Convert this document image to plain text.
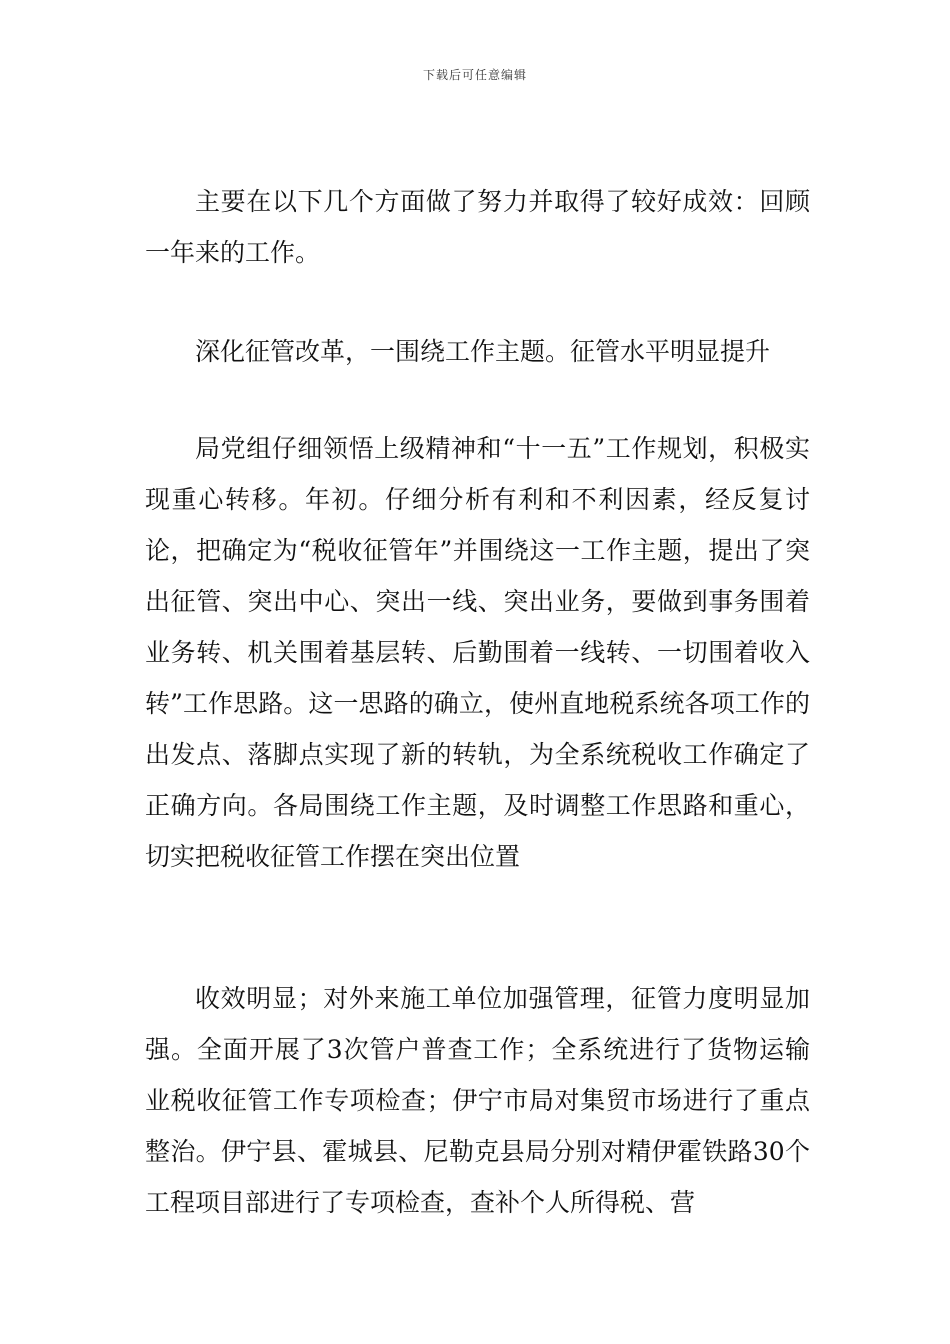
下载后可任意编辑

主要在以下几个方面做了努力并取得了较好成效：回顾一年来的工作。

深化征管改革，一围绕工作主题。征管水平明显提升

局党组仔细领悟上级精神和“十一五”工作规划，积极实现重心转移。年初。仔细分析有利和不利因素，经反复讨论，把确定为“税收征管年”并围绕这一工作主题，提出了突出征管、突出中心、突出一线、突出业务，要做到事务围着业务转、机关围着基层转、后勤围着一线转、一切围着收入转”工作思路。这一思路的确立，使州直地税系统各项工作的出发点、落脚点实现了新的转轨，为全系统税收工作确定了正确方向。各局围绕工作主题，及时调整工作思路和重心，切实把税收征管工作摆在突出位置

收效明显；对外来施工单位加强管理，征管力度明显加强。全面开展了3次管户普查工作；全系统进行了货物运输业税收征管工作专项检查；伊宁市局对集贸市场进行了重点整治。伊宁县、霍城县、尼勒克县局分别对精伊霍铁路30个工程项目部进行了专项检查，查补个人所得税、营
